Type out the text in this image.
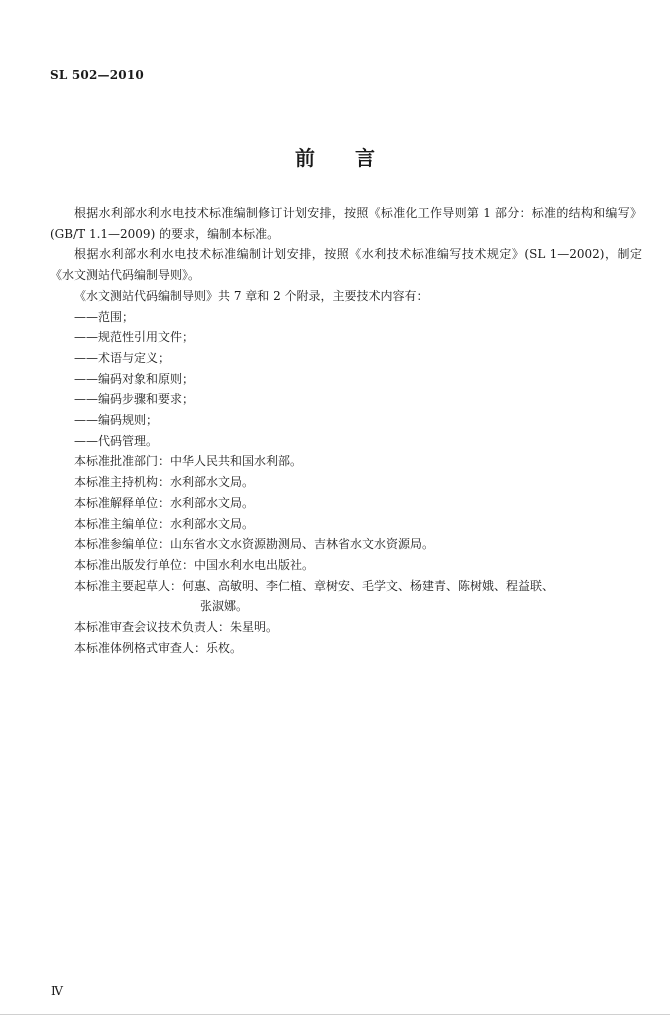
SL 502—2010
前言

根据水利部水利水电技术标准编制修订计划安排，按照《标准化工作导则第 1 部分：标准的结构和编写》(GB/T 1.1—2009) 的要求，编制本标准。

根据水利部水利水电技术标准编制计划安排，按照《水利技术标准编写技术规定》(SL 1—2002)，制定《水文测站代码编制导则》。

《水文测站代码编制导则》共 7 章和 2 个附录，主要技术内容有：

——范围；

——规范性引用文件；

——术语与定义；

——编码对象和原则；

——编码步骤和要求；

——编码规则；

——代码管理。

本标准批准部门：中华人民共和国水利部。

本标准主持机构：水利部水文局。

本标准解释单位：水利部水文局。

本标准主编单位：水利部水文局。

本标准参编单位：山东省水文水资源勘测局、吉林省水文水资源局。

本标准出版发行单位：中国水利水电出版社。

本标准主要起草人：何惠、高敏明、李仁植、章树安、毛学文、杨建青、陈树娥、程益联、

张淑娜。

本标准审查会议技术负责人：朱星明。

本标准体例格式审查人：乐枚。

Ⅳ
